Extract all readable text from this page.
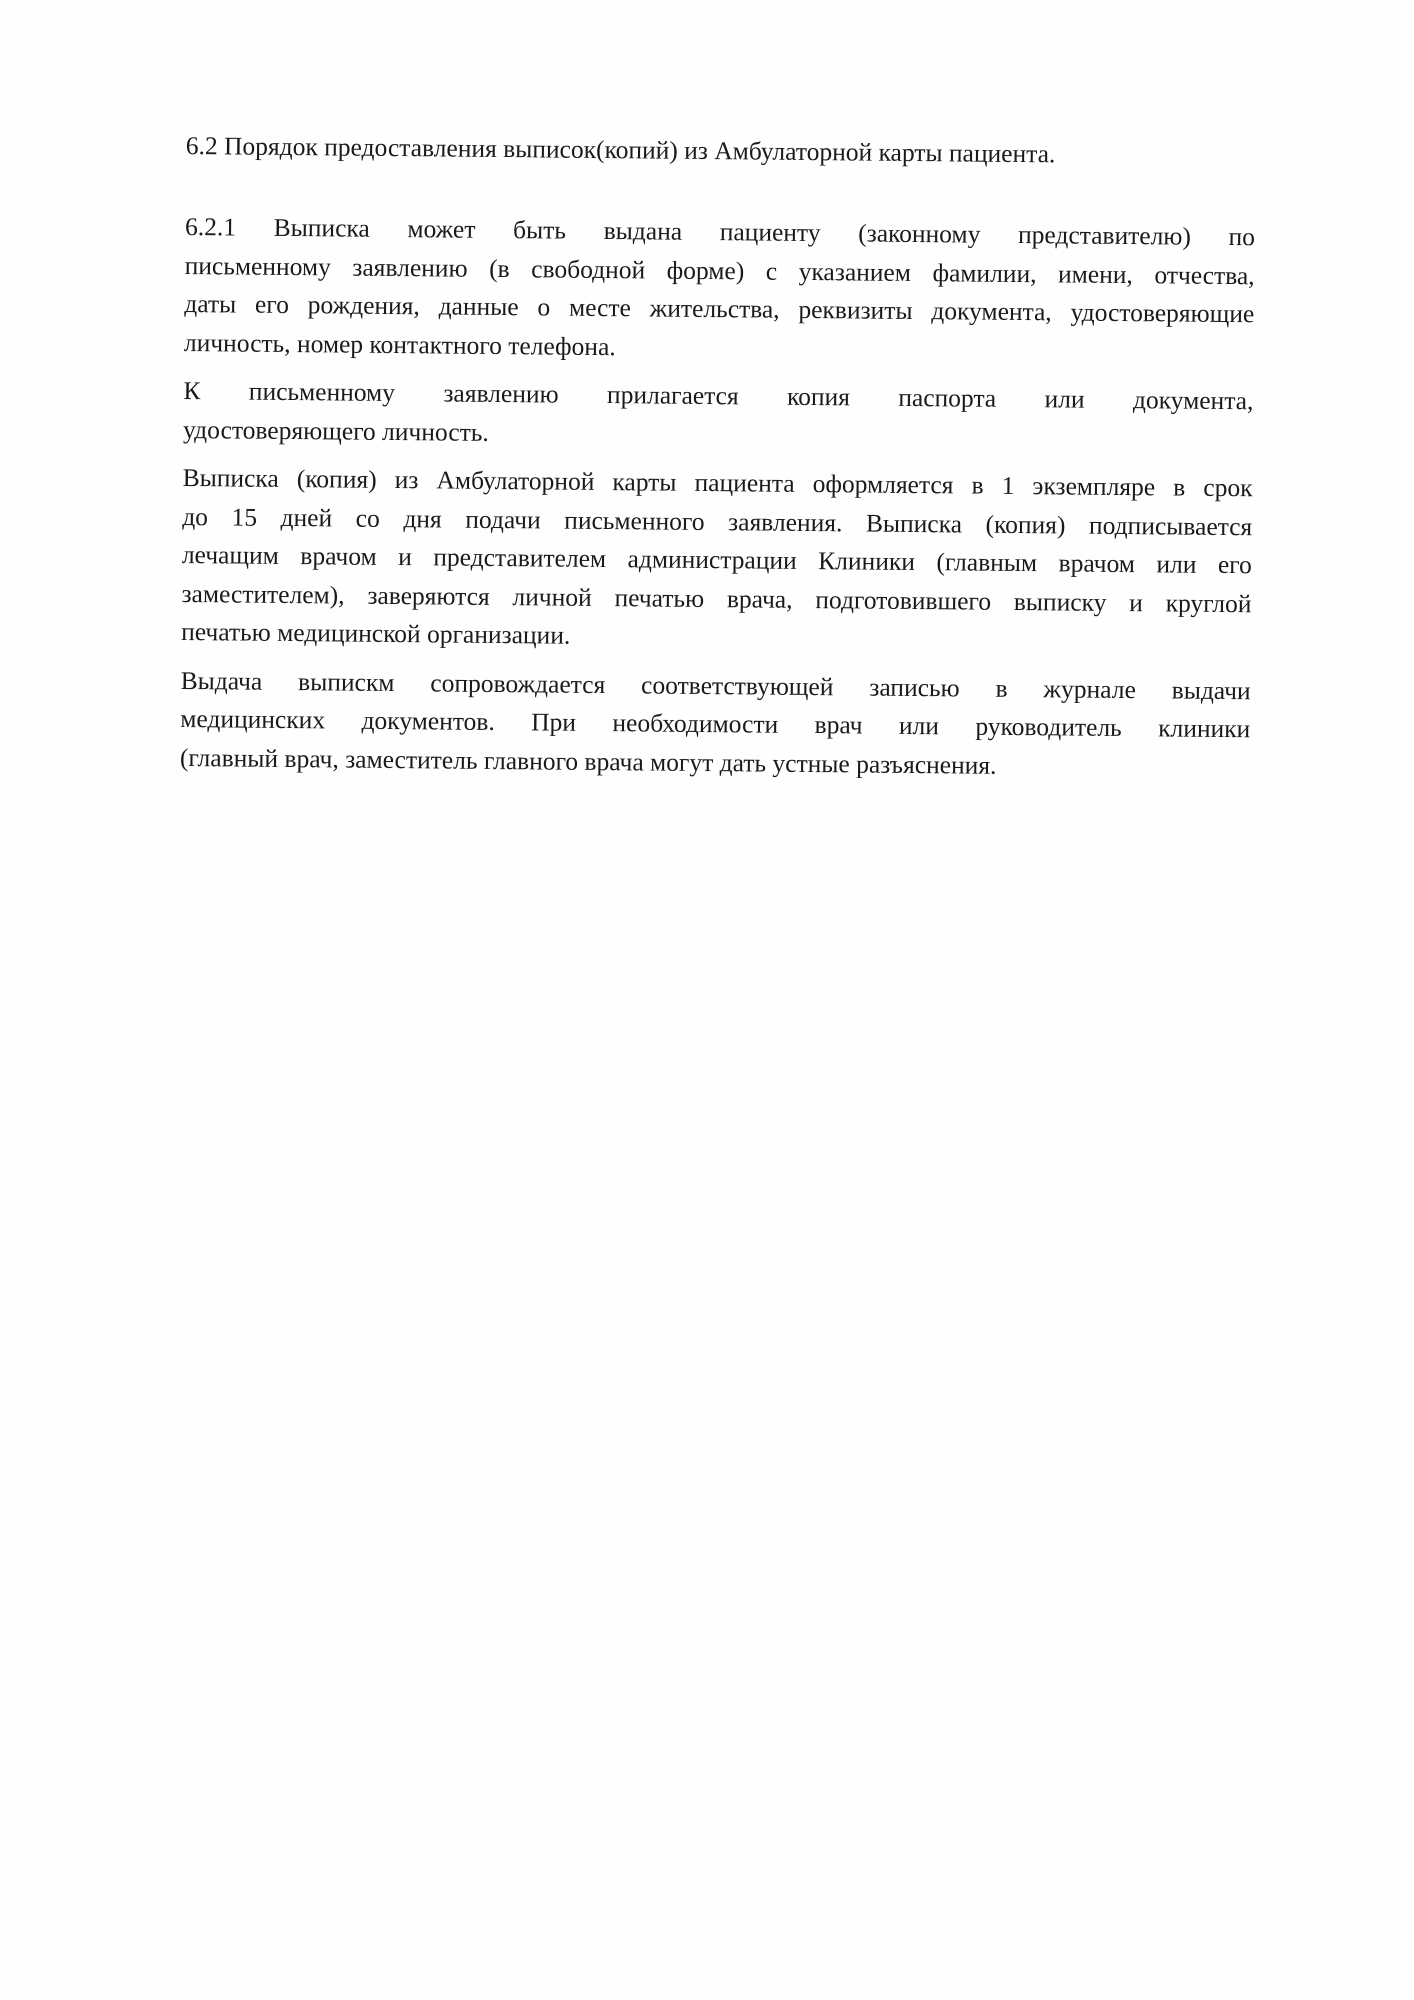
6.2 Порядок предоставления выписок(копий) из Амбулаторной карты пациента.
6.2.1 Выписка может быть выдана пациенту (законному представителю) по
письменному заявлению (в свободной форме) с указанием фамилии, имени, отчества,
даты его рождения, данные о месте жительства, реквизиты документа, удостоверяющие
личность, номер контактного телефона.
К письменному заявлению прилагается копия паспорта или документа,
удостоверяющего личность.
Выписка (копия) из Амбулаторной карты пациента оформляется в 1 экземпляре в срок
до 15 дней со дня подачи письменного заявления. Выписка (копия) подписывается
лечащим врачом и представителем администрации Клиники (главным врачом или его
заместителем), заверяются личной печатью врача, подготовившего выписку и круглой
печатью медицинской организации.
Выдача выпискм сопровождается соответствующей записью в журнале выдачи
медицинских документов. При необходимости врач или руководитель клиники
(главный врач, заместитель главного врача могут дать устные разъяснения.
